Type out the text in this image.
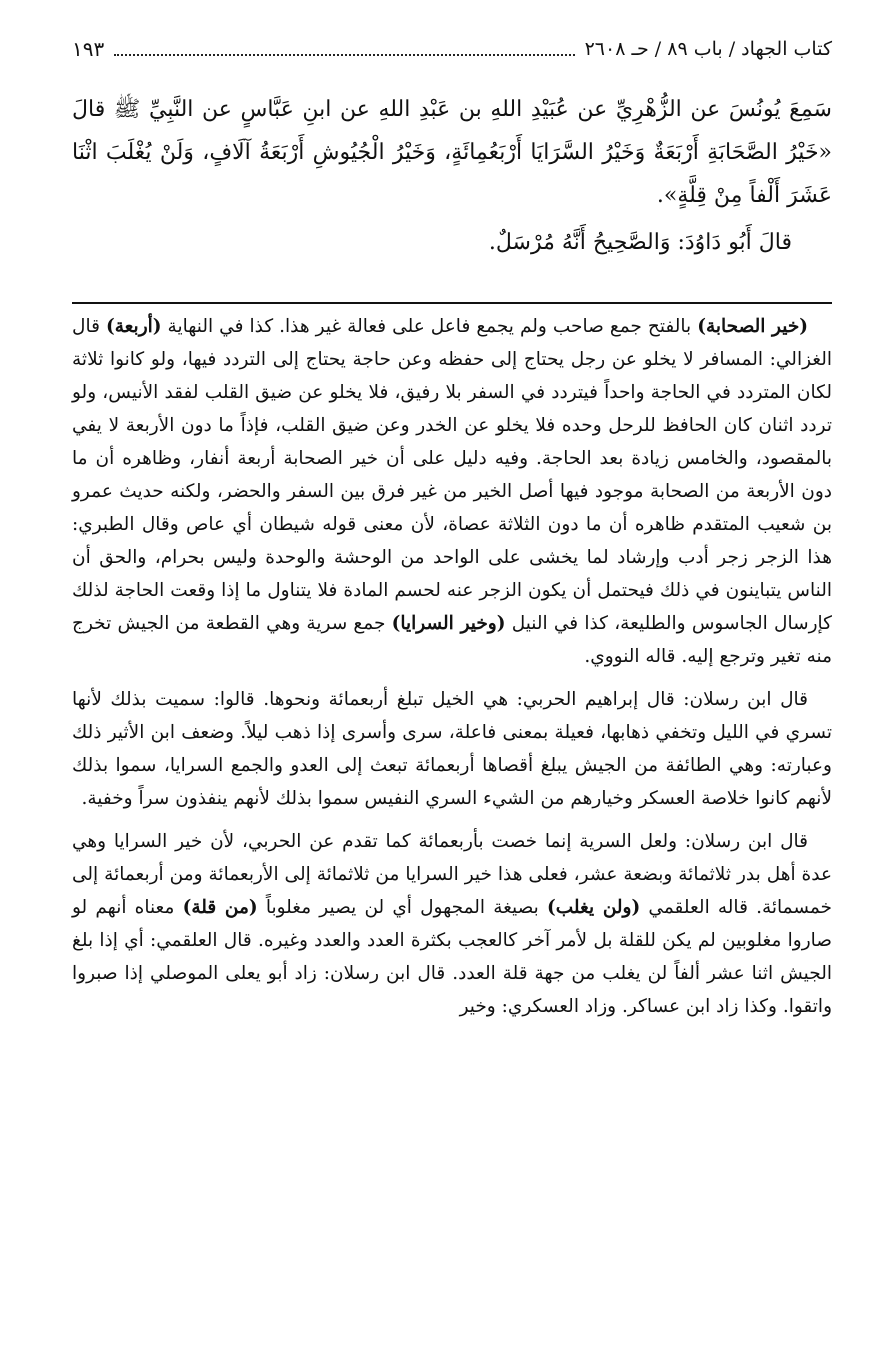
كتاب الجهاد / باب ٨٩ / حـ ٢٦٠٨
١٩٣

سَمِعَ يُونُسَ عن الزُّهْرِيِّ عن عُبَيْدِ اللهِ بن عَبْدِ اللهِ عن ابنِ عَبَّاسٍ عن النَّبِيِّ ﷺ قالَ «خَيْرُ الصَّحَابَةِ أَرْبَعَةٌ وَخَيْرُ السَّرَايَا أَرْبَعُمِائَةٍ، وَخَيْرُ الْجُيُوشِ أَرْبَعَةُ آلَافٍ، وَلَنْ يُغْلَبَ اثْنَا عَشَرَ أَلْفاً مِنْ قِلَّةٍ».

قالَ أَبُو دَاوُدَ: وَالصَّحِيحُ أَنَّهُ مُرْسَلٌ.

(خير الصحابة) بالفتح جمع صاحب ولم يجمع فاعل على فعالة غير هذا. كذا في النهاية (أربعة) قال الغزالي: المسافر لا يخلو عن رجل يحتاج إلى حفظه وعن حاجة يحتاج إلى التردد فيها، ولو كانوا ثلاثة لكان المتردد في الحاجة واحداً فيتردد في السفر بلا رفيق، فلا يخلو عن ضيق القلب لفقد الأنيس، ولو تردد اثنان كان الحافظ للرحل وحده فلا يخلو عن الخدر وعن ضيق القلب، فإذاً ما دون الأربعة لا يفي بالمقصود، والخامس زيادة بعد الحاجة. وفيه دليل على أن خير الصحابة أربعة أنفار، وظاهره أن ما دون الأربعة من الصحابة موجود فيها أصل الخير من غير فرق بين السفر والحضر، ولكنه حديث عمرو بن شعيب المتقدم ظاهره أن ما دون الثلاثة عصاة، لأن معنى قوله شيطان أي عاص وقال الطبري: هذا الزجر زجر أدب وإرشاد لما يخشى على الواحد من الوحشة والوحدة وليس بحرام، والحق أن الناس يتباينون في ذلك فيحتمل أن يكون الزجر عنه لحسم المادة فلا يتناول ما إذا وقعت الحاجة لذلك كإرسال الجاسوس والطليعة، كذا في النيل (وخير السرايا) جمع سرية وهي القطعة من الجيش تخرج منه تغير وترجع إليه. قاله النووي.

قال ابن رسلان: قال إبراهيم الحربي: هي الخيل تبلغ أربعمائة ونحوها. قالوا: سميت بذلك لأنها تسري في الليل وتخفي ذهابها، فعيلة بمعنى فاعلة، سرى وأسرى إذا ذهب ليلاً. وضعف ابن الأثير ذلك وعبارته: وهي الطائفة من الجيش يبلغ أقصاها أربعمائة تبعث إلى العدو والجمع السرايا، سموا بذلك لأنهم كانوا خلاصة العسكر وخيارهم من الشيء السري النفيس سموا بذلك لأنهم ينفذون سراً وخفية.

قال ابن رسلان: ولعل السرية إنما خصت بأربعمائة كما تقدم عن الحربي، لأن خير السرايا وهي عدة أهل بدر ثلاثمائة وبضعة عشر، فعلى هذا خير السرايا من ثلاثمائة إلى الأربعمائة ومن أربعمائة إلى خمسمائة. قاله العلقمي (ولن يغلب) بصيغة المجهول أي لن يصير مغلوباً (من قلة) معناه أنهم لو صاروا مغلوبين لم يكن للقلة بل لأمر آخر كالعجب بكثرة العدد والعدد وغيره. قال العلقمي: أي إذا بلغ الجيش اثنا عشر ألفاً لن يغلب من جهة قلة العدد. قال ابن رسلان: زاد أبو يعلى الموصلي إذا صبروا واتقوا. وكذا زاد ابن عساكر. وزاد العسكري: وخير
